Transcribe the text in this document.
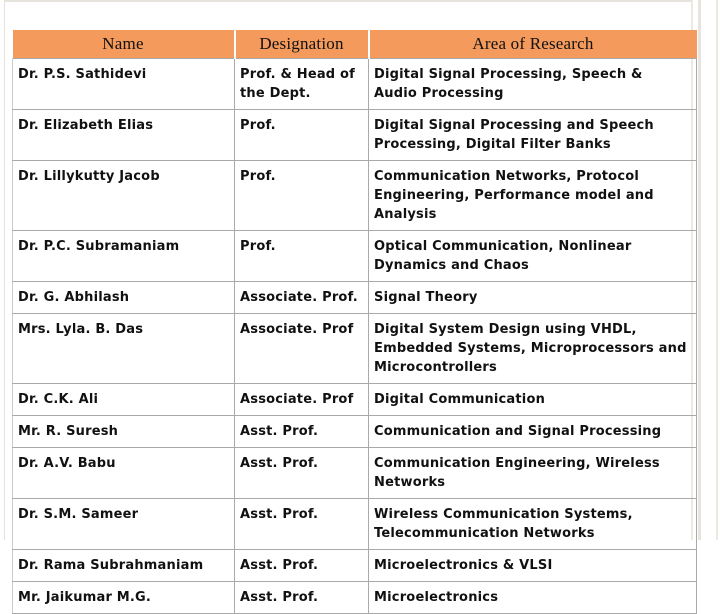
Name	Designation	Area of Research
Dr. P.S. Sathidevi	Prof. & Head of the Dept.	Digital Signal Processing, Speech & Audio Processing
Dr. Elizabeth Elias	Prof.	Digital Signal Processing and Speech Processing, Digital Filter Banks
Dr. Lillykutty Jacob	Prof.	Communication Networks, Protocol Engineering, Performance model and Analysis
Dr. P.C. Subramaniam	Prof.	Optical Communication, Nonlinear Dynamics and Chaos
Dr. G. Abhilash	Associate. Prof.	Signal Theory
Mrs. Lyla. B. Das	Associate. Prof	Digital System Design using VHDL, Embedded Systems, Microprocessors and Microcontrollers
Dr. C.K. Ali	Associate. Prof	Digital Communication
Mr. R. Suresh	Asst. Prof.	Communication and Signal Processing
Dr. A.V. Babu	Asst. Prof.	Communication Engineering, Wireless Networks
Dr. S.M. Sameer	Asst. Prof.	Wireless Communication Systems, Telecommunication Networks
Dr. Rama Subrahmaniam	Asst. Prof.	Microelectronics & VLSI
Mr. Jaikumar M.G.	Asst. Prof.	Microelectronics
